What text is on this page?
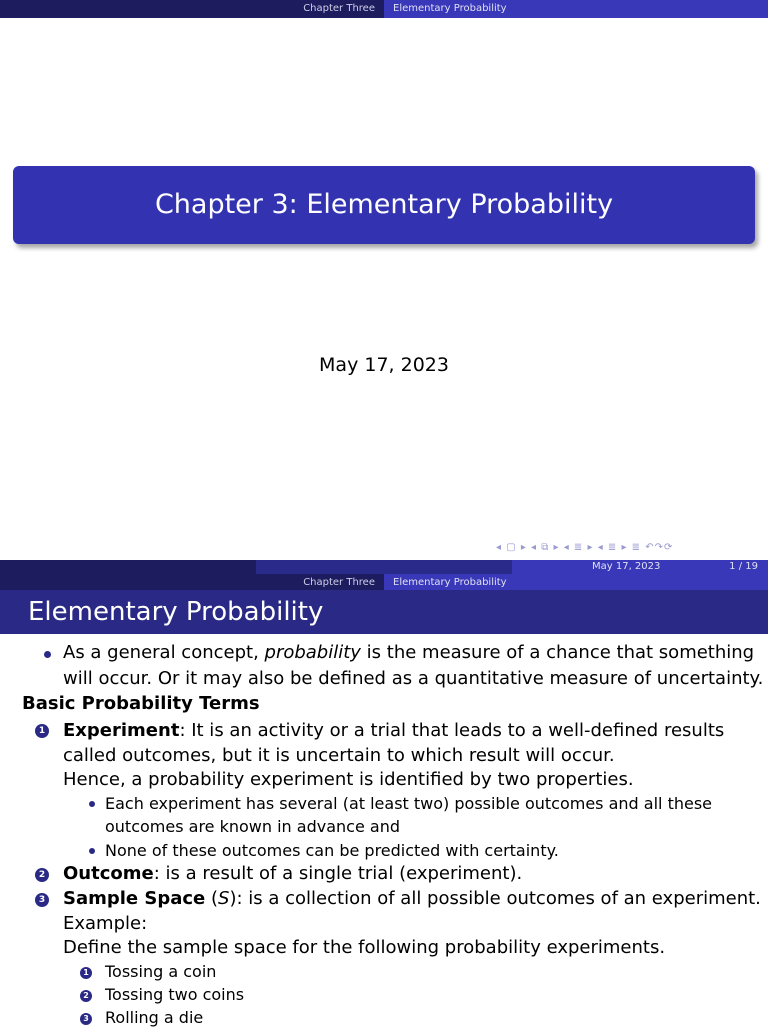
Chapter Three	Elementary Probability
Chapter 3: Elementary Probability
May 17, 2023
◂ ▢ ▸ ◂ ⧉ ▸ ◂ ≣ ▸ ◂ ≣ ▸ ≣ ↶↷⟳
May 17, 2023	1 / 19
Chapter Three	Elementary Probability
Elementary Probability
As a general concept, probability is the measure of a chance that something
will occur. Or it may also be defined as a quantitative measure of uncertainty.
Basic Probability Terms
1 Experiment: It is an activity or a trial that leads to a well-defined results
called outcomes, but it is uncertain to which result will occur.
Hence, a probability experiment is identified by two properties.
Each experiment has several (at least two) possible outcomes and all these
outcomes are known in advance and
None of these outcomes can be predicted with certainty.
2 Outcome: is a result of a single trial (experiment).
3 Sample Space (S): is a collection of all possible outcomes of an experiment.
Example:
Define the sample space for the following probability experiments.
1 Tossing a coin
2 Tossing two coins
3 Rolling a die
